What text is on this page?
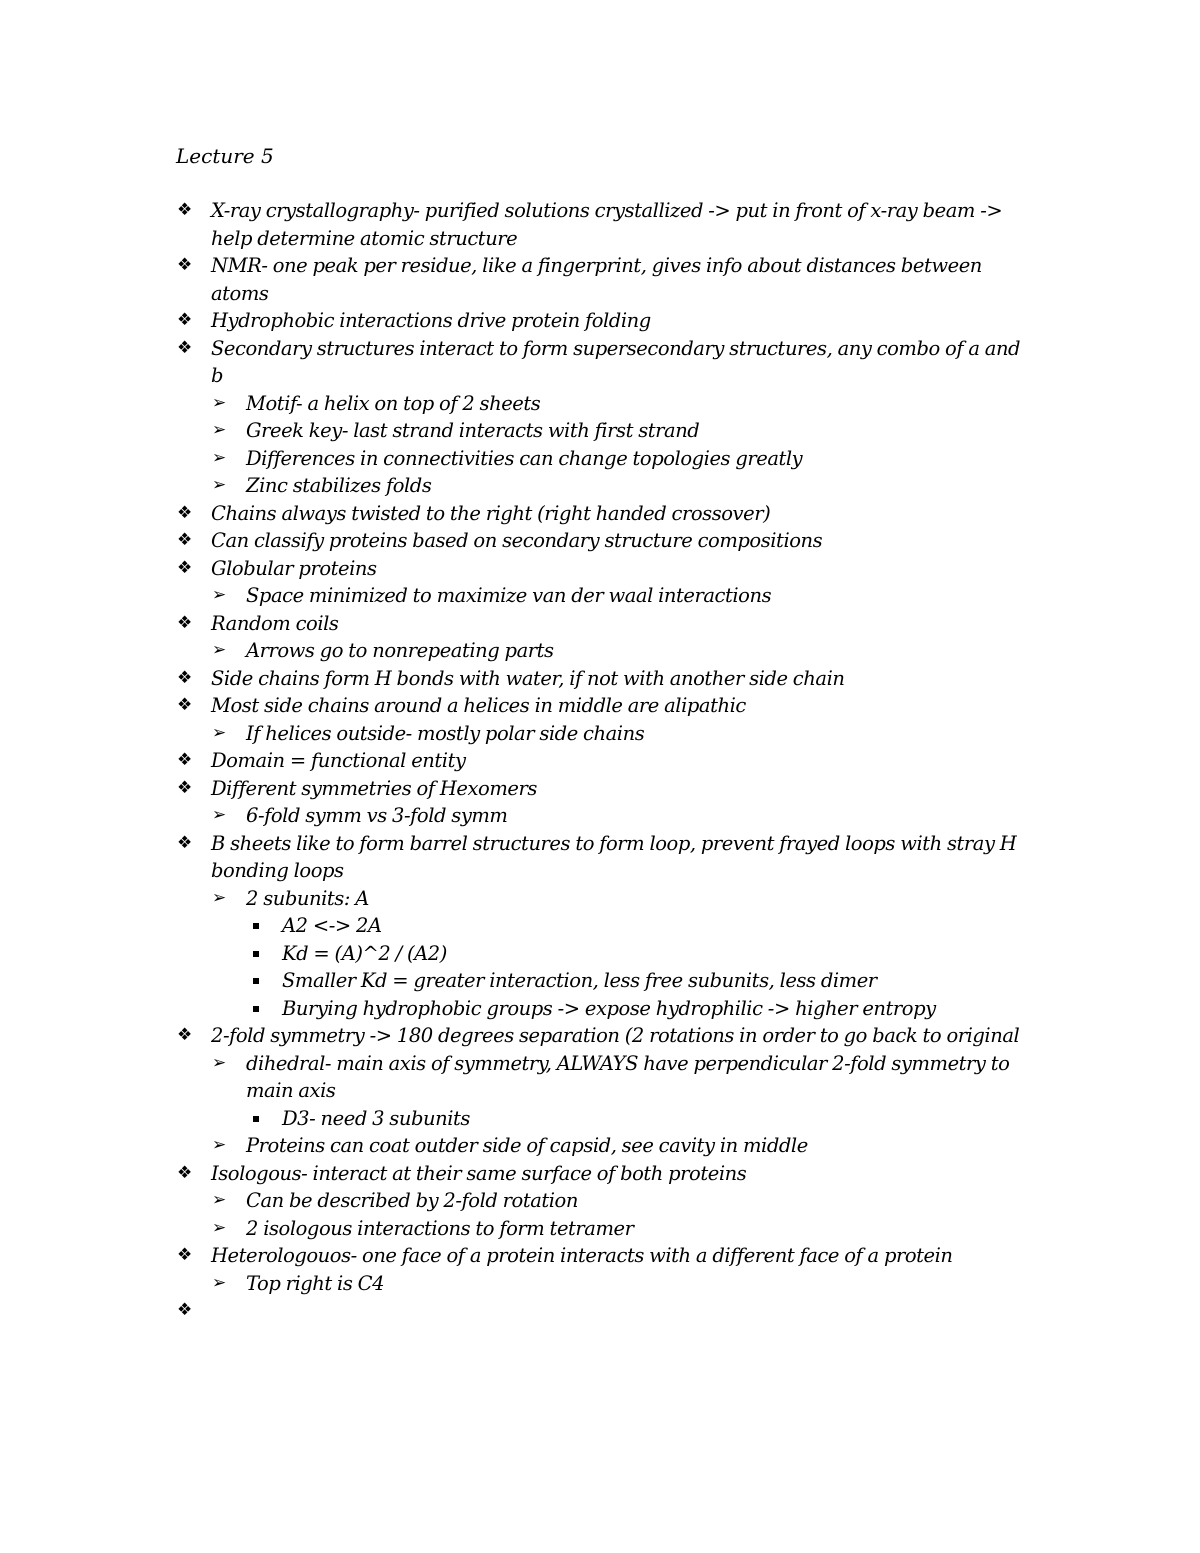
Lecture 5
❖ X-ray crystallography- purified solutions crystallized -> put in front of x-ray beam -> help determine atomic structure
❖ NMR- one peak per residue, like a fingerprint, gives info about distances between atoms
❖ Hydrophobic interactions drive protein folding
❖ Secondary structures interact to form supersecondary structures, any combo of a and b
➢ Motif- a helix on top of 2 sheets
➢ Greek key- last strand interacts with first strand
➢ Differences in connectivities can change topologies greatly
➢ Zinc stabilizes folds
❖ Chains always twisted to the right (right handed crossover)
❖ Can classify proteins based on secondary structure compositions
❖ Globular proteins
➢ Space minimized to maximize van der waal interactions
❖ Random coils
➢ Arrows go to nonrepeating parts
❖ Side chains form H bonds with water, if not with another side chain
❖ Most side chains around a helices in middle are alipathic
➢ If helices outside- mostly polar side chains
❖ Domain = functional entity
❖ Different symmetries of Hexomers
➢ 6-fold symm vs 3-fold symm
❖ B sheets like to form barrel structures to form loop, prevent frayed loops with stray H bonding loops
➢ 2 subunits: A
A2 <-> 2A
Kd = (A)^2 / (A2)
Smaller Kd = greater interaction, less free subunits, less dimer
Burying hydrophobic groups -> expose hydrophilic -> higher entropy
❖ 2-fold symmetry -> 180 degrees separation (2 rotations in order to go back to original
➢ dihedral- main axis of symmetry, ALWAYS have perpendicular 2-fold symmetry to main axis
D3- need 3 subunits
➢ Proteins can coat outder side of capsid, see cavity in middle
❖ Isologous- interact at their same surface of both proteins
➢ Can be described by 2-fold rotation
➢ 2 isologous interactions to form tetramer
❖ Heterologouos- one face of a protein interacts with a different face of a protein
➢ Top right is C4
❖
